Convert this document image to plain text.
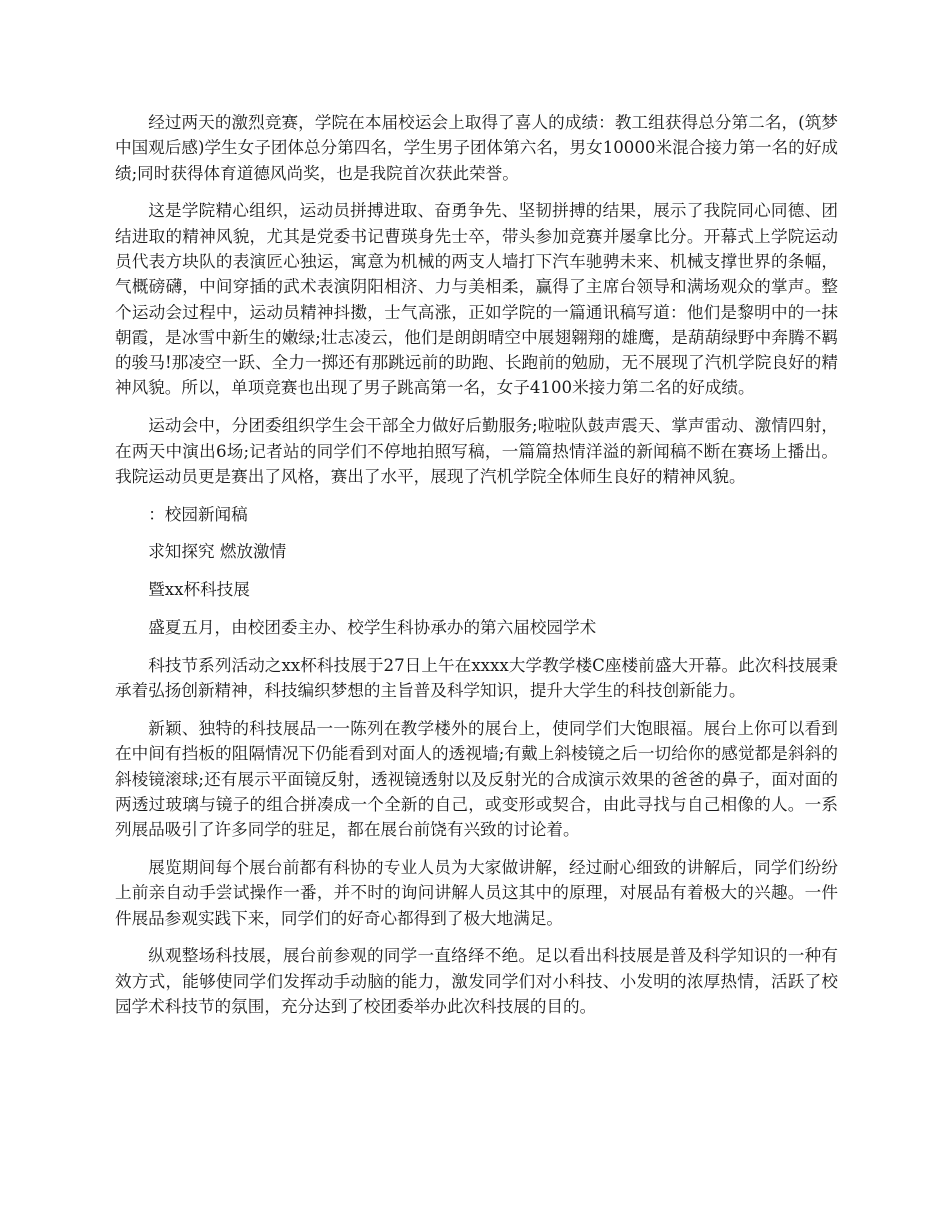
经过两天的激烈竞赛，学院在本届校运会上取得了喜人的成绩：教工组获得总分第二名，(筑梦中国观后感)学生女子团体总分第四名，学生男子团体第六名，男女10000米混合接力第一名的好成绩;同时获得体育道德风尚奖，也是我院首次获此荣誉。

这是学院精心组织，运动员拼搏进取、奋勇争先、坚韧拼搏的结果，展示了我院同心同德、团结进取的精神风貌，尤其是党委书记曹瑛身先士卒，带头参加竞赛并屡拿比分。开幕式上学院运动员代表方块队的表演匠心独运，寓意为机械的两支人墙打下汽车驰骋未来、机械支撑世界的条幅，气概磅礴，中间穿插的武术表演阴阳相济、力与美相柔，赢得了主席台领导和满场观众的掌声。整个运动会过程中，运动员精神抖擞，士气高涨，正如学院的一篇通讯稿写道：他们是黎明中的一抹朝霞，是冰雪中新生的嫩绿;壮志凌云，他们是朗朗晴空中展翅翱翔的雄鹰，是葫葫绿野中奔腾不羁的骏马!那凌空一跃、全力一掷还有那跳远前的助跑、长跑前的勉励，无不展现了汽机学院良好的精神风貌。所以，单项竞赛也出现了男子跳高第一名，女子4100米接力第二名的好成绩。

运动会中，分团委组织学生会干部全力做好后勤服务;啦啦队鼓声震天、掌声雷动、激情四射，在两天中演出6场;记者站的同学们不停地拍照写稿，一篇篇热情洋溢的新闻稿不断在赛场上播出。我院运动员更是赛出了风格，赛出了水平，展现了汽机学院全体师生良好的精神风貌。

：校园新闻稿

求知探究 燃放激情

暨xx杯科技展

盛夏五月，由校团委主办、校学生科协承办的第六届校园学术

科技节系列活动之xx杯科技展于27日上午在xxxx大学教学楼C座楼前盛大开幕。此次科技展秉承着弘扬创新精神，科技编织梦想的主旨普及科学知识，提升大学生的科技创新能力。

新颖、独特的科技展品一一陈列在教学楼外的展台上，使同学们大饱眼福。展台上你可以看到在中间有挡板的阻隔情况下仍能看到对面人的透视墙;有戴上斜棱镜之后一切给你的感觉都是斜斜的斜棱镜滚球;还有展示平面镜反射，透视镜透射以及反射光的合成演示效果的爸爸的鼻子，面对面的两透过玻璃与镜子的组合拼凑成一个全新的自己，或变形或契合，由此寻找与自己相像的人。一系列展品吸引了许多同学的驻足，都在展台前饶有兴致的讨论着。

展览期间每个展台前都有科协的专业人员为大家做讲解，经过耐心细致的讲解后，同学们纷纷上前亲自动手尝试操作一番，并不时的询问讲解人员这其中的原理，对展品有着极大的兴趣。一件件展品参观实践下来，同学们的好奇心都得到了极大地满足。

纵观整场科技展，展台前参观的同学一直络绎不绝。足以看出科技展是普及科学知识的一种有效方式，能够使同学们发挥动手动脑的能力，激发同学们对小科技、小发明的浓厚热情，活跃了校园学术科技节的氛围，充分达到了校团委举办此次科技展的目的。
